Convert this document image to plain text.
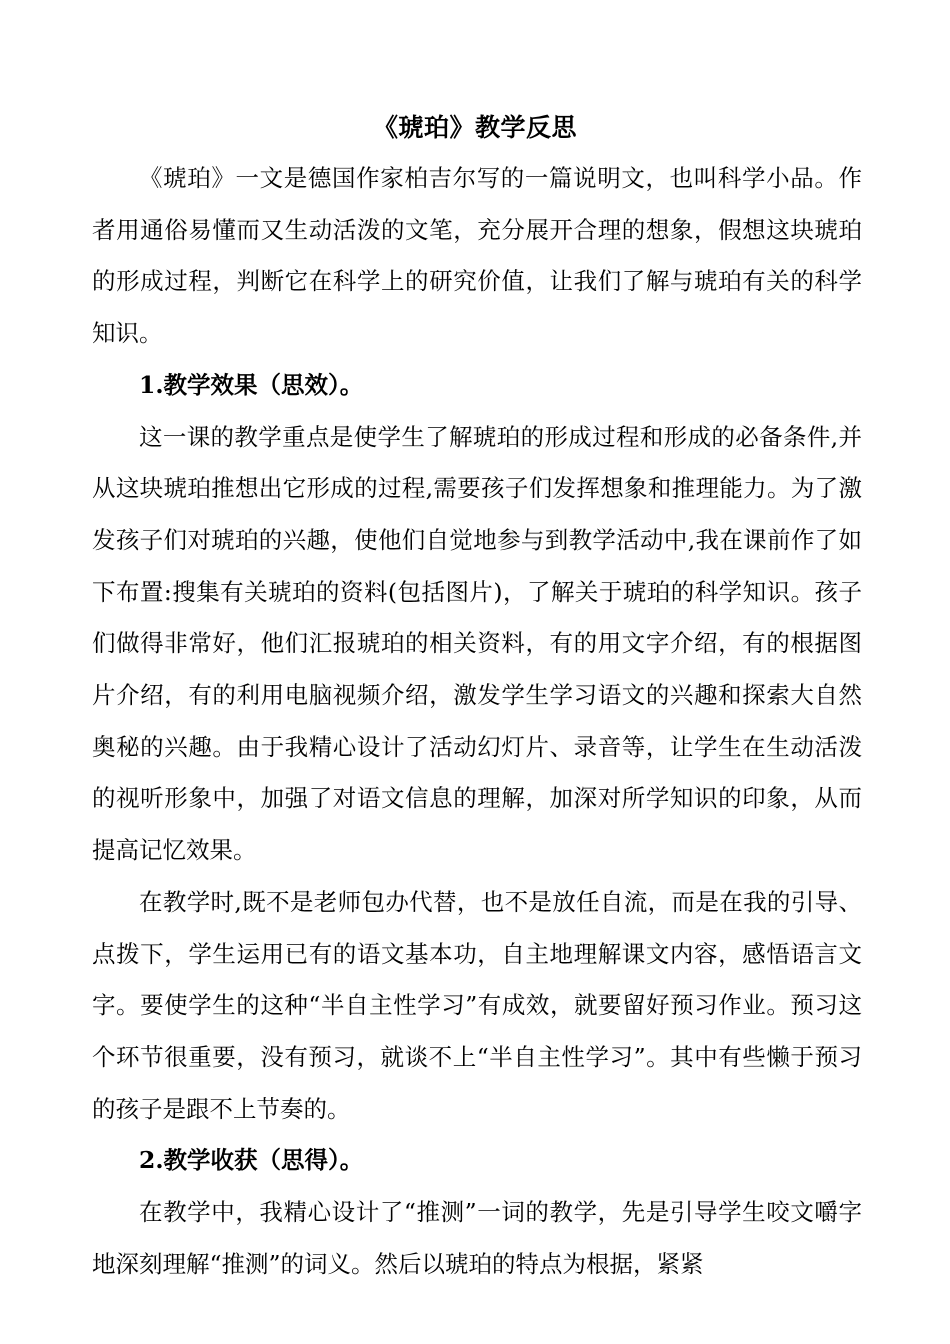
《琥珀》教学反思

《琥珀》一文是德国作家柏吉尔写的一篇说明文，也叫科学小品。作者用通俗易懂而又生动活泼的文笔，充分展开合理的想象，假想这块琥珀的形成过程，判断它在科学上的研究价值，让我们了解与琥珀有关的科学知识。

1.教学效果（思效）。

这一课的教学重点是使学生了解琥珀的形成过程和形成的必备条件,并从这块琥珀推想出它形成的过程,需要孩子们发挥想象和推理能力。为了激发孩子们对琥珀的兴趣，使他们自觉地参与到教学活动中,我在课前作了如下布置:搜集有关琥珀的资料(包括图片)，了解关于琥珀的科学知识。孩子们做得非常好，他们汇报琥珀的相关资料，有的用文字介绍，有的根据图片介绍，有的利用电脑视频介绍，激发学生学习语文的兴趣和探索大自然奥秘的兴趣。由于我精心设计了活动幻灯片、录音等，让学生在生动活泼的视听形象中，加强了对语文信息的理解，加深对所学知识的印象，从而提高记忆效果。

在教学时,既不是老师包办代替，也不是放任自流，而是在我的引导、点拨下，学生运用已有的语文基本功，自主地理解课文内容，感悟语言文字。要使学生的这种“半自主性学习”有成效，就要留好预习作业。预习这个环节很重要，没有预习，就谈不上“半自主性学习”。其中有些懒于预习的孩子是跟不上节奏的。

2.教学收获（思得）。

在教学中，我精心设计了“推测”一词的教学，先是引导学生咬文嚼字地深刻理解“推测”的词义。然后以琥珀的特点为根据，紧紧
